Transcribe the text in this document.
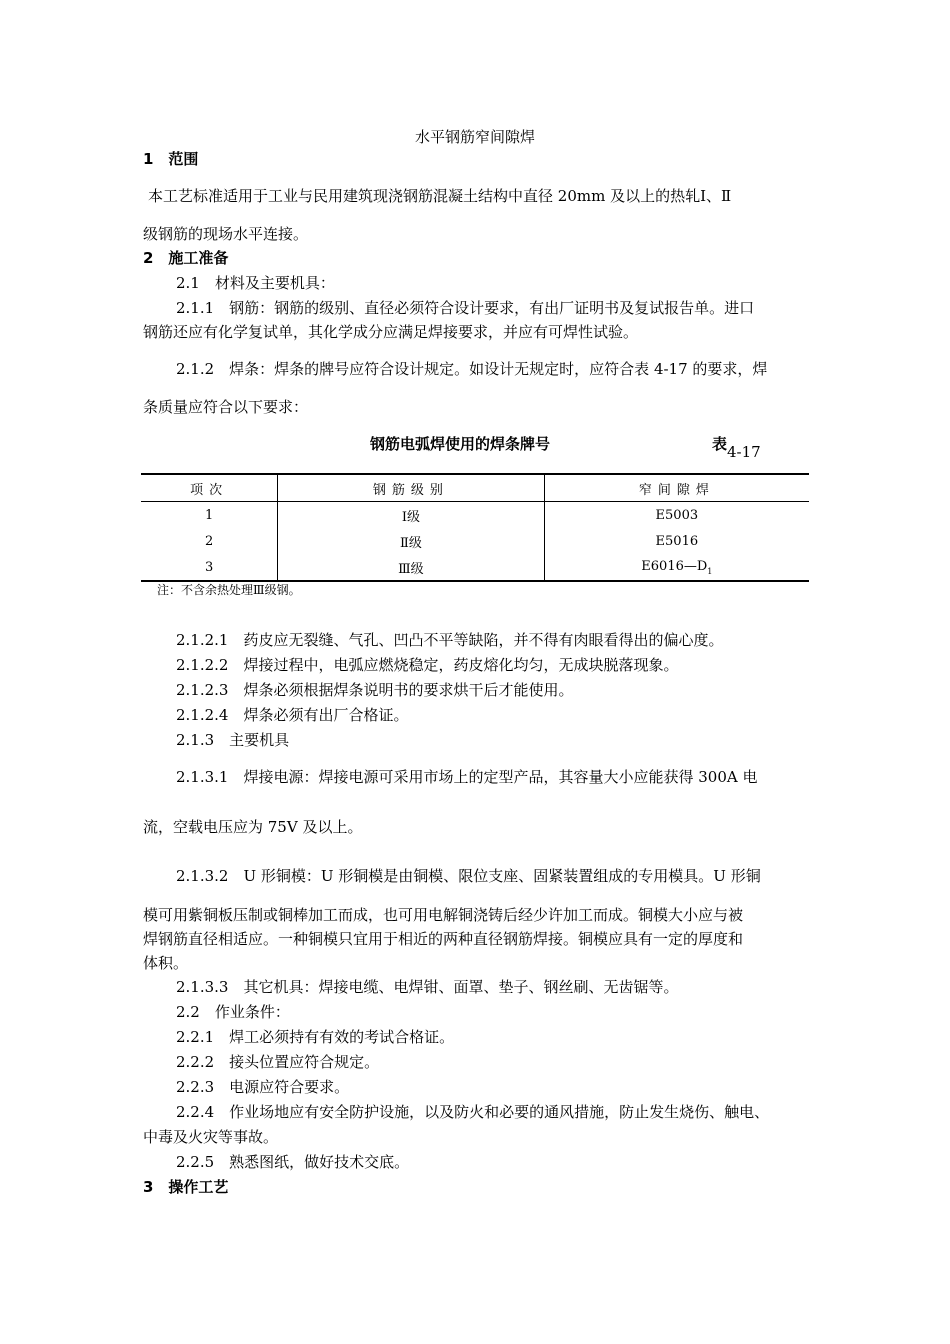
水平钢筋窄间隙焊
1　范围
本工艺标准适用于工业与民用建筑现浇钢筋混凝土结构中直径 20mm 及以上的热轧Ⅰ、Ⅱ
级钢筋的现场水平连接。
2　施工准备
2.1　材料及主要机具：
2.1.1　钢筋：钢筋的级别、直径必须符合设计要求，有出厂证明书及复试报告单。进口
钢筋还应有化学复试单，其化学成分应满足焊接要求，并应有可焊性试验。
2.1.2　焊条：焊条的牌号应符合设计规定。如设计无规定时，应符合表 4-17 的要求，焊
条质量应符合以下要求：
钢筋电弧焊使用的焊条牌号	表4-17
项次	钢筋级别	窄间隙焊
1	Ⅰ级	E5003
2	Ⅱ级	E5016
3	Ⅲ级	$E6016—D_1$
注：不含余热处理Ⅲ级钢。
2.1.2.1　药皮应无裂缝、气孔、凹凸不平等缺陷，并不得有肉眼看得出的偏心度。
2.1.2.2　焊接过程中，电弧应燃烧稳定，药皮熔化均匀，无成块脱落现象。
2.1.2.3　焊条必须根据焊条说明书的要求烘干后才能使用。
2.1.2.4　焊条必须有出厂合格证。
2.1.3　主要机具
2.1.3.1　焊接电源：焊接电源可采用市场上的定型产品，其容量大小应能获得 300A 电
流，空载电压应为 75V 及以上。
2.1.3.2　U 形铜模：U 形铜模是由铜模、限位支座、固紧装置组成的专用模具。U 形铜
模可用紫铜板压制或铜棒加工而成，也可用电解铜浇铸后经少许加工而成。铜模大小应与被
焊钢筋直径相适应。一种铜模只宜用于相近的两种直径钢筋焊接。铜模应具有一定的厚度和
体积。
2.1.3.3　其它机具：焊接电缆、电焊钳、面罩、垫子、钢丝刷、无齿锯等。
2.2　作业条件：
2.2.1　焊工必须持有有效的考试合格证。
2.2.2　接头位置应符合规定。
2.2.3　电源应符合要求。
2.2.4　作业场地应有安全防护设施，以及防火和必要的通风措施，防止发生烧伤、触电、
中毒及火灾等事故。
2.2.5　熟悉图纸，做好技术交底。
3　操作工艺
